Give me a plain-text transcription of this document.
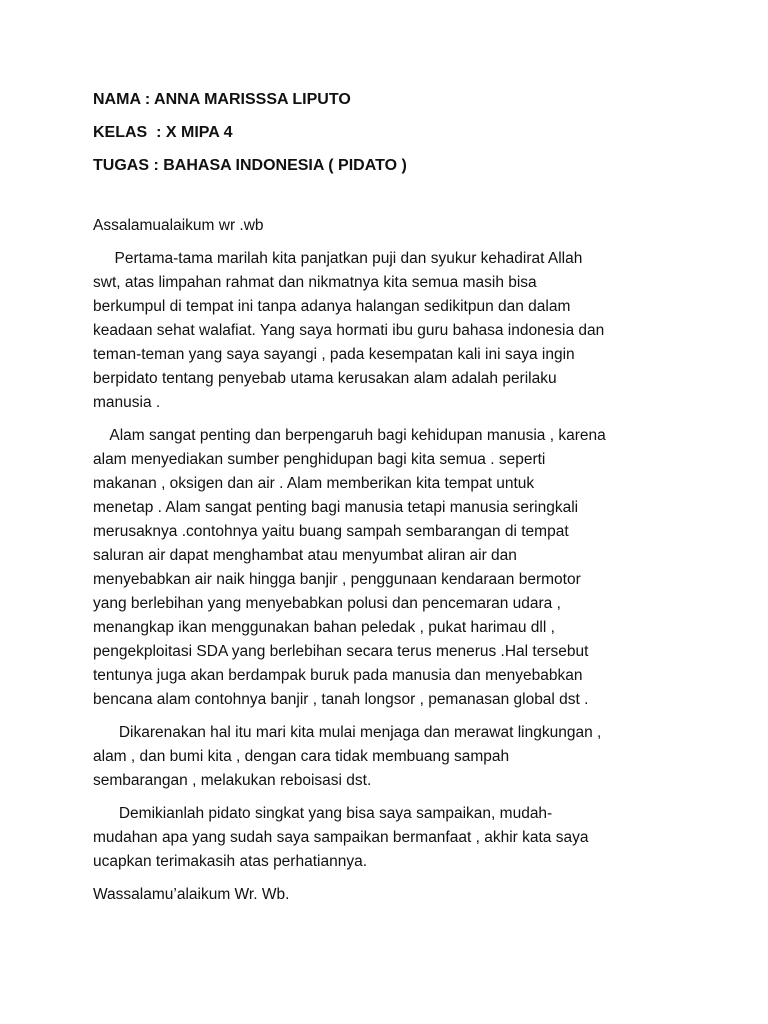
NAMA : ANNA MARISSSA LIPUTO
KELAS  : X MIPA 4
TUGAS : BAHASA INDONESIA ( PIDATO )
Assalamualaikum wr .wb
Pertama-tama marilah kita panjatkan puji dan syukur kehadirat Allah
swt, atas limpahan rahmat dan nikmatnya kita semua masih bisa
berkumpul di tempat ini tanpa adanya halangan sedikitpun dan dalam
keadaan sehat walafiat. Yang saya hormati ibu guru bahasa indonesia dan
teman-teman yang saya sayangi , pada kesempatan kali ini saya ingin
berpidato tentang penyebab utama kerusakan alam adalah perilaku
manusia .
Alam sangat penting dan berpengaruh bagi kehidupan manusia , karena
alam menyediakan sumber penghidupan bagi kita semua . seperti
makanan , oksigen dan air . Alam memberikan kita tempat untuk
menetap . Alam sangat penting bagi manusia tetapi manusia seringkali
merusaknya .contohnya yaitu buang sampah sembarangan di tempat
saluran air dapat menghambat atau menyumbat aliran air dan
menyebabkan air naik hingga banjir , penggunaan kendaraan bermotor
yang berlebihan yang menyebabkan polusi dan pencemaran udara ,
menangkap ikan menggunakan bahan peledak , pukat harimau dll ,
pengekploitasi SDA yang berlebihan secara terus menerus .Hal tersebut
tentunya juga akan berdampak buruk pada manusia dan menyebabkan
bencana alam contohnya banjir , tanah longsor , pemanasan global dst .
Dikarenakan hal itu mari kita mulai menjaga dan merawat lingkungan ,
alam , dan bumi kita , dengan cara tidak membuang sampah
sembarangan , melakukan reboisasi dst.
Demikianlah pidato singkat yang bisa saya sampaikan, mudah-
mudahan apa yang sudah saya sampaikan bermanfaat , akhir kata saya
ucapkan terimakasih atas perhatiannya.
Wassalamu’alaikum Wr. Wb.
